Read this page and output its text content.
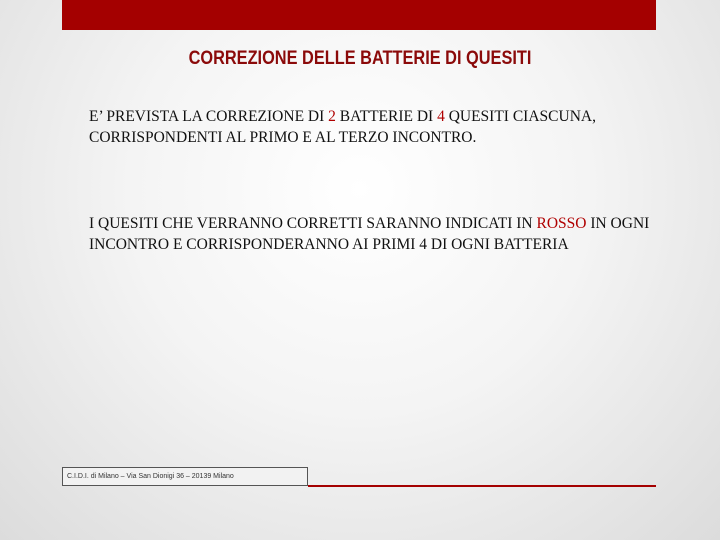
CORREZIONE DELLE BATTERIE DI QUESITI

E’ PREVISTA LA CORREZIONE DI 2 BATTERIE DI 4 QUESITI CIASCUNA, CORRISPONDENTI AL PRIMO E AL TERZO INCONTRO.

I QUESITI CHE VERRANNO CORRETTI SARANNO INDICATI IN ROSSO IN OGNI INCONTRO E CORRISPONDERANNO AI PRIMI 4 DI OGNI BATTERIA

C.I.D.I. di Milano – Via San Dionigi 36 – 20139 Milano
